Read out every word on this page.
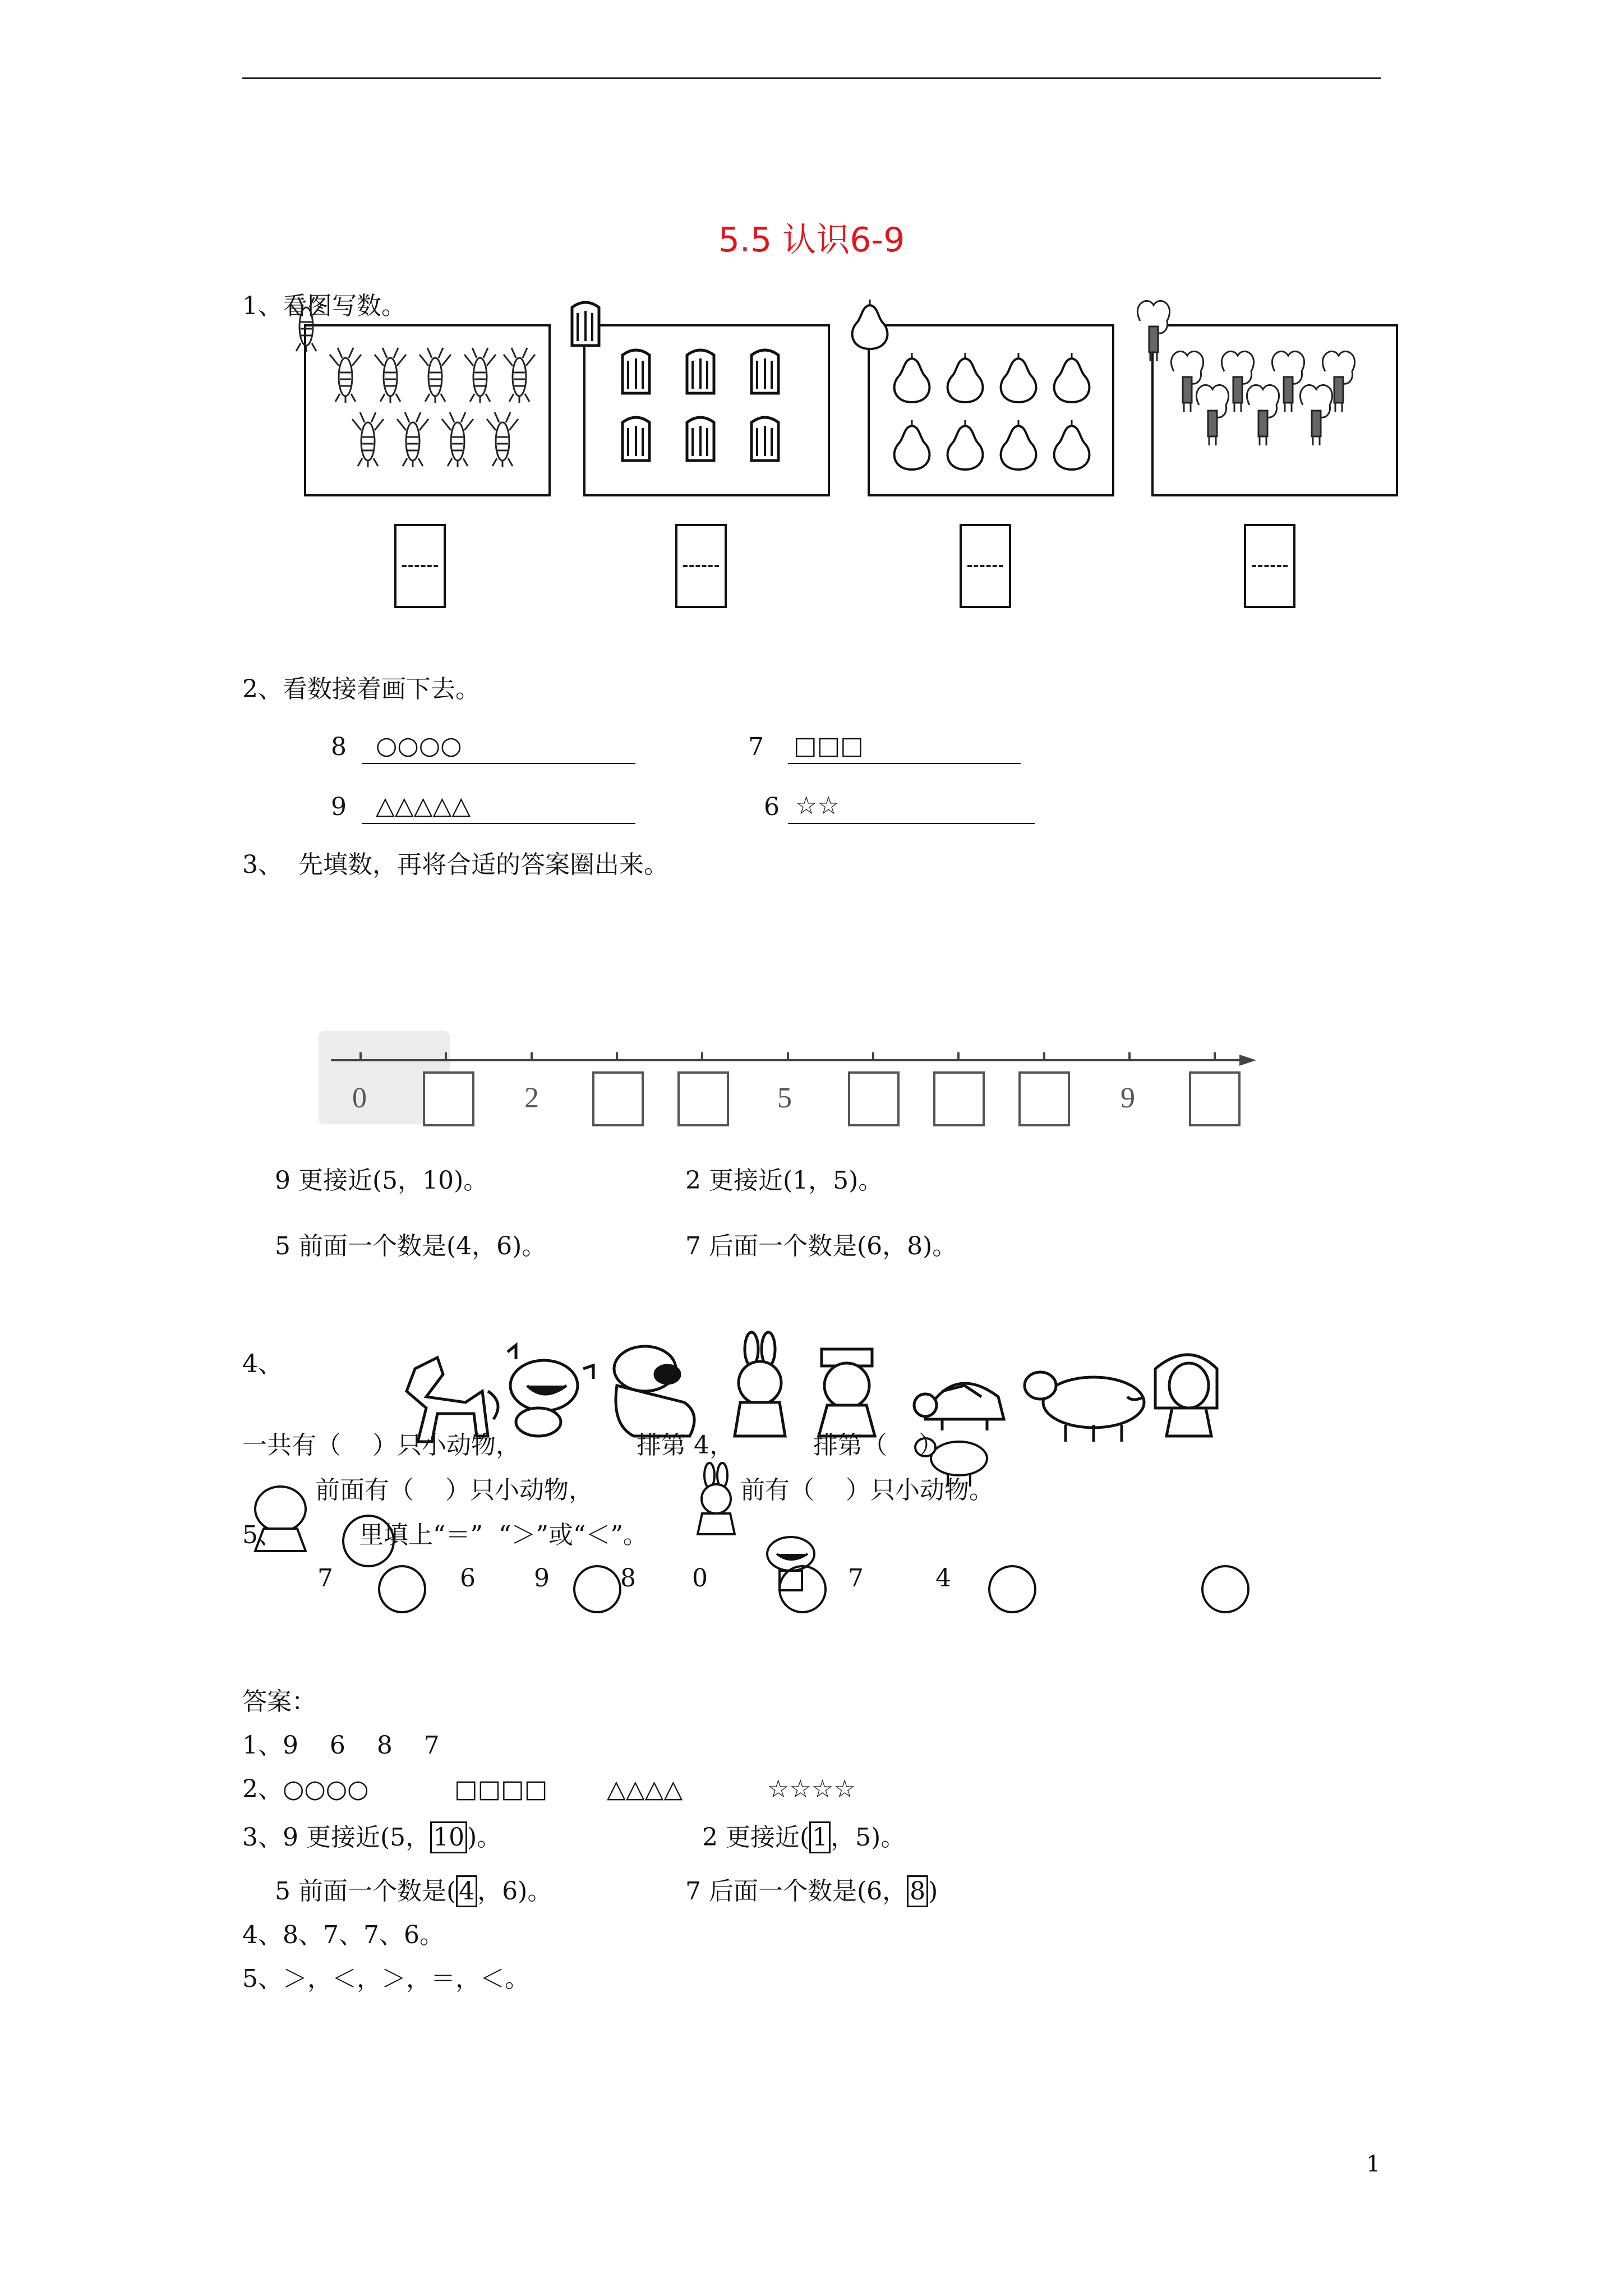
5.5 认识6-9
1、看图写数。
2、看数接着画下去。
8 ○○○○	7 □□□
9 △△△△△	6 ☆☆
3、  先填数，再将合适的答案圈出来。
0	2	5	9
9 更接近(5，10)。	2 更接近(1，5)。
5 前面一个数是(4，6)。	7 后面一个数是(6，8)。
4、
一共有（    ）只小动物，	排第 4，	排第（    ）
前面有（    ）只小动物，	前有（    ）只小动物。
5、	里填上“＝”  “＞”或“＜”。
7	6 9	8 0	7	4
答案：
1、9    6    8    7
2、○○○○	□□□□ △△△△	☆☆☆☆
3、9 更接近(5， 10 )。	2 更接近( 1 ，5)。
5 前面一个数是( 4 ，6)。	7 后面一个数是(6， 8 )
4、8、7、7、6。
5、＞，＜，＞，＝，＜。
1
